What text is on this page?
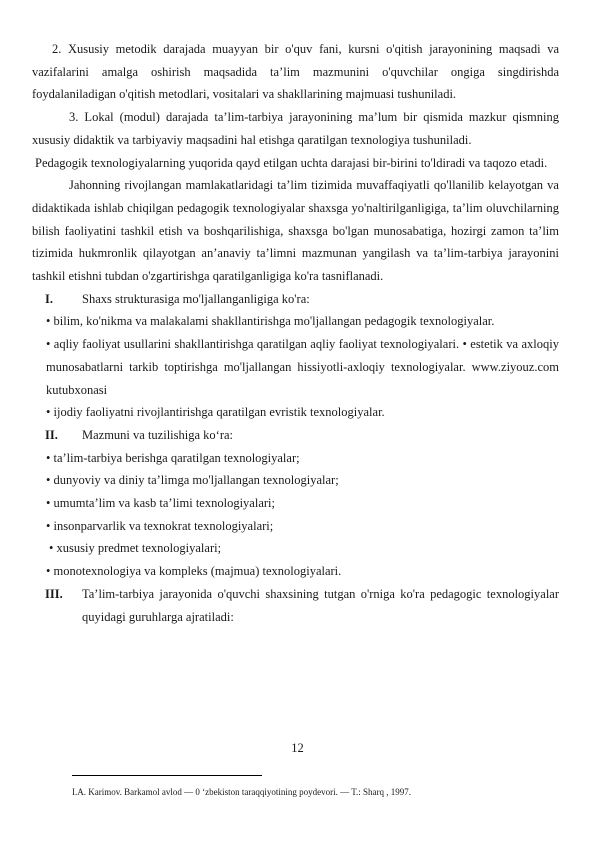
2. Xususiy metodik darajada muayyan bir o'quv fani, kursni o'qitish jarayonining maqsadi va vazifalarini amalga oshirish maqsadida ta’lim mazmunini o'quvchilar ongiga singdirishda foydalaniladigan o'qitish metodlari, vositalari va shakllarining majmuasi tushuniladi.

3. Lokal (modul) darajada ta’lim-tarbiya jarayonining ma’lum bir qismida mazkur qismning xususiy didaktik va tarbiyaviy maqsadini hal etishga qaratilgan texnologiya tushuniladi.

Pedagogik texnologiyalarning yuqorida qayd etilgan uchta darajasi bir-birini to'ldiradi va taqozo etadi.

Jahonning rivojlangan mamlakatlaridagi ta’lim tizimida muvaffaqiyatli qo'llanilib kelayotgan va didaktikada ishlab chiqilgan pedagogik texnologiyalar shaxsga yo'naltirilganligiga, ta’lim oluvchilarning bilish faoliyatini tashkil etish va boshqarilishiga, shaxsga bo'lgan munosabatiga, hozirgi zamon ta’lim tizimida hukmronlik qilayotgan an’anaviy ta’limni mazmunan yangilash va ta’lim-tarbiya jarayonini tashkil etishni tubdan o'zgartirishga qaratilganligiga ko'ra tasniflanadi.

I.	Shaxs strukturasiga mo'ljallanganligiga ko'ra:

• bilim, ko'nikma va malakalami shakllantirishga mo'ljallangan pedagogik texnologiyalar.

• aqliy faoliyat usullarini shakllantirishga qaratilgan aqliy faoliyat texnologiyalari. • estetik va axloqiy munosabatlarni tarkib toptirishga mo'ljallangan hissiyotli-axloqiy texnologiyalar. www.ziyouz.com kutubxonasi

• ijodiy faoliyatni rivojlantirishga qaratilgan evristik texnologiyalar.

II.	Mazmuni va tuzilishiga ko‘ra:

• ta’lim-tarbiya berishga qaratilgan texnologiyalar;

• dunyoviy va diniy ta’limga mo'ljallangan texnologiyalar;

• umumta’lim va kasb ta’limi texnologiyalari;

• insonparvarlik va texnokrat texnologiyalari;

• xususiy predmet texnologiyalari;

• monotexnologiya va kompleks (majmua) texnologiyalari.

III.	Ta’lim-tarbiya jarayonida o'quvchi shaxsining tutgan o'rniga ko'ra pedagogic texnologiyalar quyidagi guruhlarga ajratiladi:
12
I.A. Karimov. Barkamol avlod — 0 ‘zbekiston taraqqiyotining poydevori. — T.: Sharq , 1997.
